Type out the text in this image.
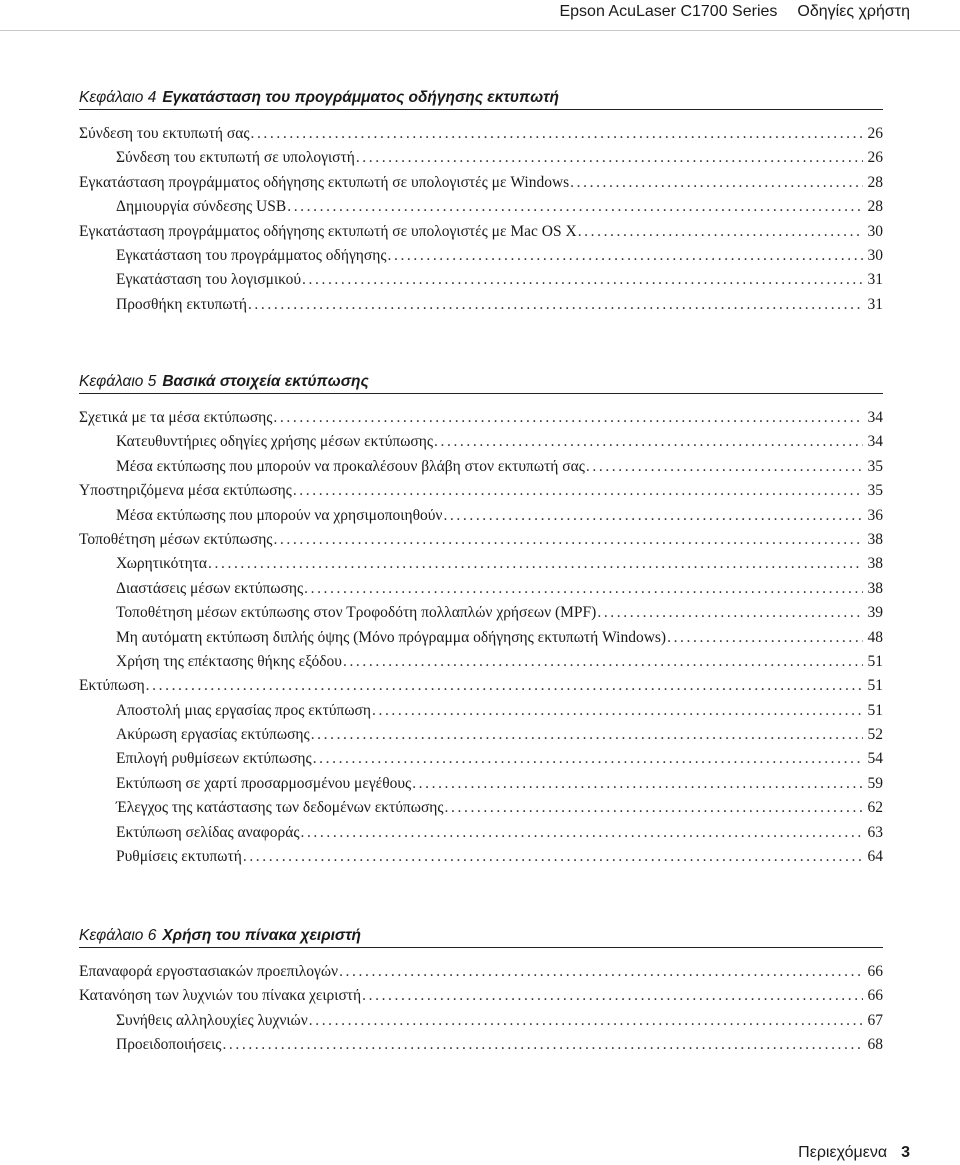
Epson AcuLaser C1700 Series Οδηγίες χρήστη
Κεφάλαιο 4 Εγκατάσταση του προγράμματος οδήγησης εκτυπωτή
Σύνδεση του εκτυπωτή σας .....	26
Σύνδεση του εκτυπωτή σε υπολογιστή .....	26
Εγκατάσταση προγράμματος οδήγησης εκτυπωτή σε υπολογιστές με Windows .....	28
Δημιουργία σύνδεσης USB .....	28
Εγκατάσταση προγράμματος οδήγησης εκτυπωτή σε υπολογιστές με Mac OS X .....	30
Εγκατάσταση του προγράμματος οδήγησης .....	30
Εγκατάσταση του λογισμικού .....	31
Προσθήκη εκτυπωτή .....	31
Κεφάλαιο 5 Βασικά στοιχεία εκτύπωσης
Σχετικά με τα μέσα εκτύπωσης .....	34
Κατευθυντήριες οδηγίες χρήσης μέσων εκτύπωσης .....	34
Μέσα εκτύπωσης που μπορούν να προκαλέσουν βλάβη στον εκτυπωτή σας .....	35
Υποστηριζόμενα μέσα εκτύπωσης .....	35
Μέσα εκτύπωσης που μπορούν να χρησιμοποιηθούν .....	36
Τοποθέτηση μέσων εκτύπωσης .....	38
Χωρητικότητα .....	38
Διαστάσεις μέσων εκτύπωσης .....	38
Τοποθέτηση μέσων εκτύπωσης στον Τροφοδότη πολλαπλών χρήσεων (MPF) .....	39
Μη αυτόματη εκτύπωση διπλής όψης (Μόνο πρόγραμμα οδήγησης εκτυπωτή Windows) .....	48
Χρήση της επέκτασης θήκης εξόδου .....	51
Εκτύπωση .....	51
Αποστολή μιας εργασίας προς εκτύπωση .....	51
Ακύρωση εργασίας εκτύπωσης .....	52
Επιλογή ρυθμίσεων εκτύπωσης .....	54
Εκτύπωση σε χαρτί προσαρμοσμένου μεγέθους .....	59
Έλεγχος της κατάστασης των δεδομένων εκτύπωσης .....	62
Εκτύπωση σελίδας αναφοράς .....	63
Ρυθμίσεις εκτυπωτή .....	64
Κεφάλαιο 6 Χρήση του πίνακα χειριστή
Επαναφορά εργοστασιακών προεπιλογών .....	66
Κατανόηση των λυχνιών του πίνακα χειριστή .....	66
Συνήθεις αλληλουχίες λυχνιών .....	67
Προειδοποιήσεις .....	68
Περιεχόμενα 3
